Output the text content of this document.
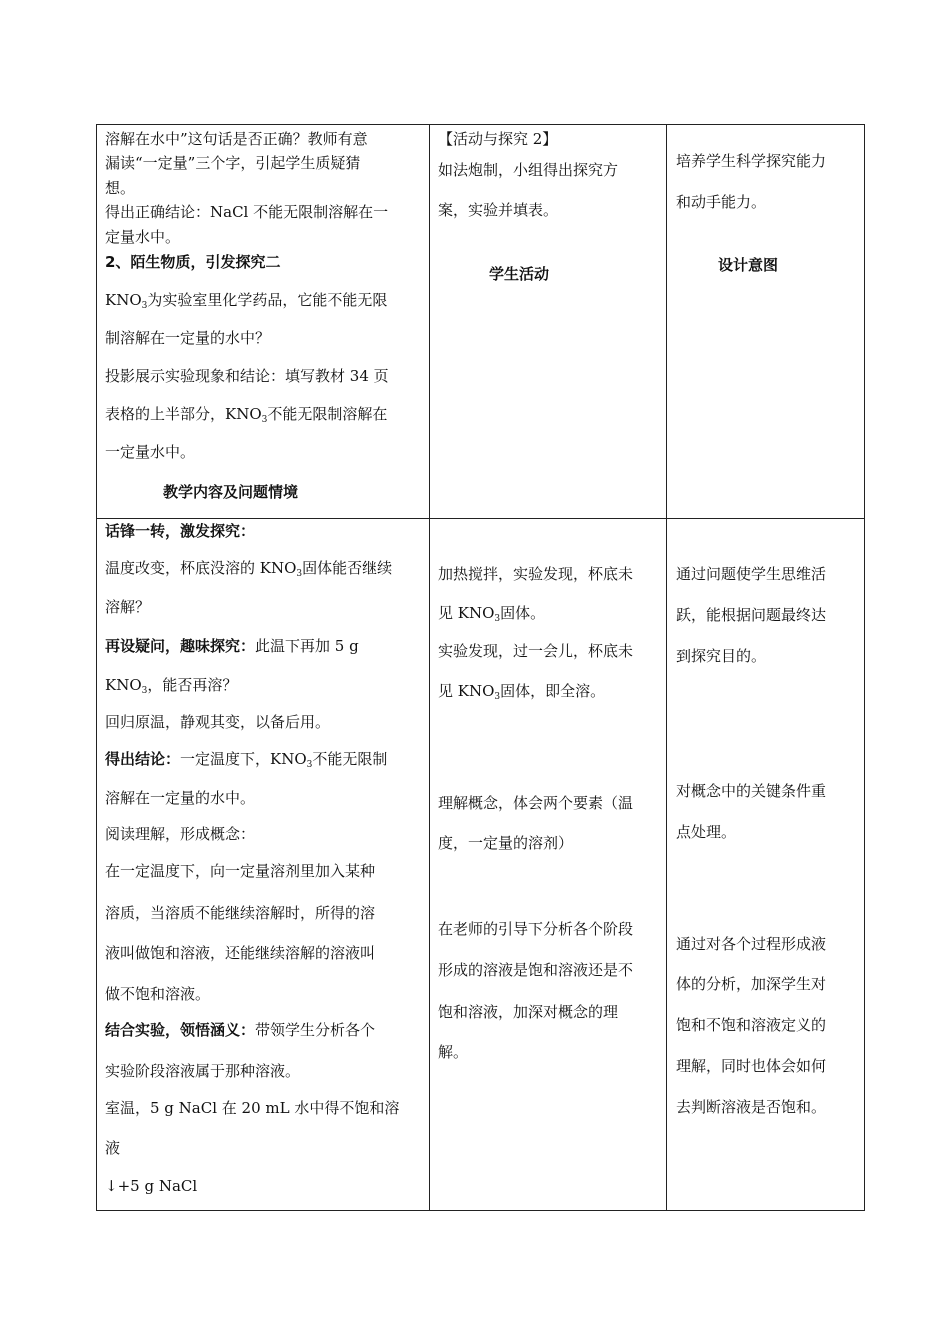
溶解在水中”这句话是否正确？教师有意
漏读“一定量”三个字，引起学生质疑猜
想。
得出正确结论：NaCl 不能无限制溶解在一
定量水中。
2、陌生物质，引发探究二
$KNO_3$为实验室里化学药品，它能不能无限
制溶解在一定量的水中？
投影展示实验现象和结论：填写教材 34 页
表格的上半部分，$KNO_3$不能无限制溶解在
一定量水中。
教学内容及问题情境
【活动与探究 2】
如法炮制，小组得出探究方
案，实验并填表。
学生活动
培养学生科学探究能力
和动手能力。
设计意图
话锋一转，激发探究：
温度改变，杯底没溶的 $KNO_3$固体能否继续
溶解？
再设疑问，趣味探究：此温下再加 5 g
$KNO_3$，能否再溶？
回归原温，静观其变，以备后用。
得出结论：一定温度下，$KNO_3$不能无限制
溶解在一定量的水中。
阅读理解，形成概念：
在一定温度下，向一定量溶剂里加入某种
溶质，当溶质不能继续溶解时，所得的溶
液叫做饱和溶液，还能继续溶解的溶液叫
做不饱和溶液。
结合实验，领悟涵义：带领学生分析各个
实验阶段溶液属于那种溶液。
室温，5 g NaCl 在 20 mL 水中得不饱和溶
液
↓+5 g NaCl
加热搅拌，实验发现，杯底未
见 $KNO_3$固体。
实验发现，过一会儿，杯底未
见 $KNO_3$固体，即全溶。
理解概念，体会两个要素（温
度，一定量的溶剂）
在老师的引导下分析各个阶段
形成的溶液是饱和溶液还是不
饱和溶液，加深对概念的理
解。
通过问题使学生思维活
跃，能根据问题最终达
到探究目的。
对概念中的关键条件重
点处理。
通过对各个过程形成液
体的分析，加深学生对
饱和不饱和溶液定义的
理解，同时也体会如何
去判断溶液是否饱和。
